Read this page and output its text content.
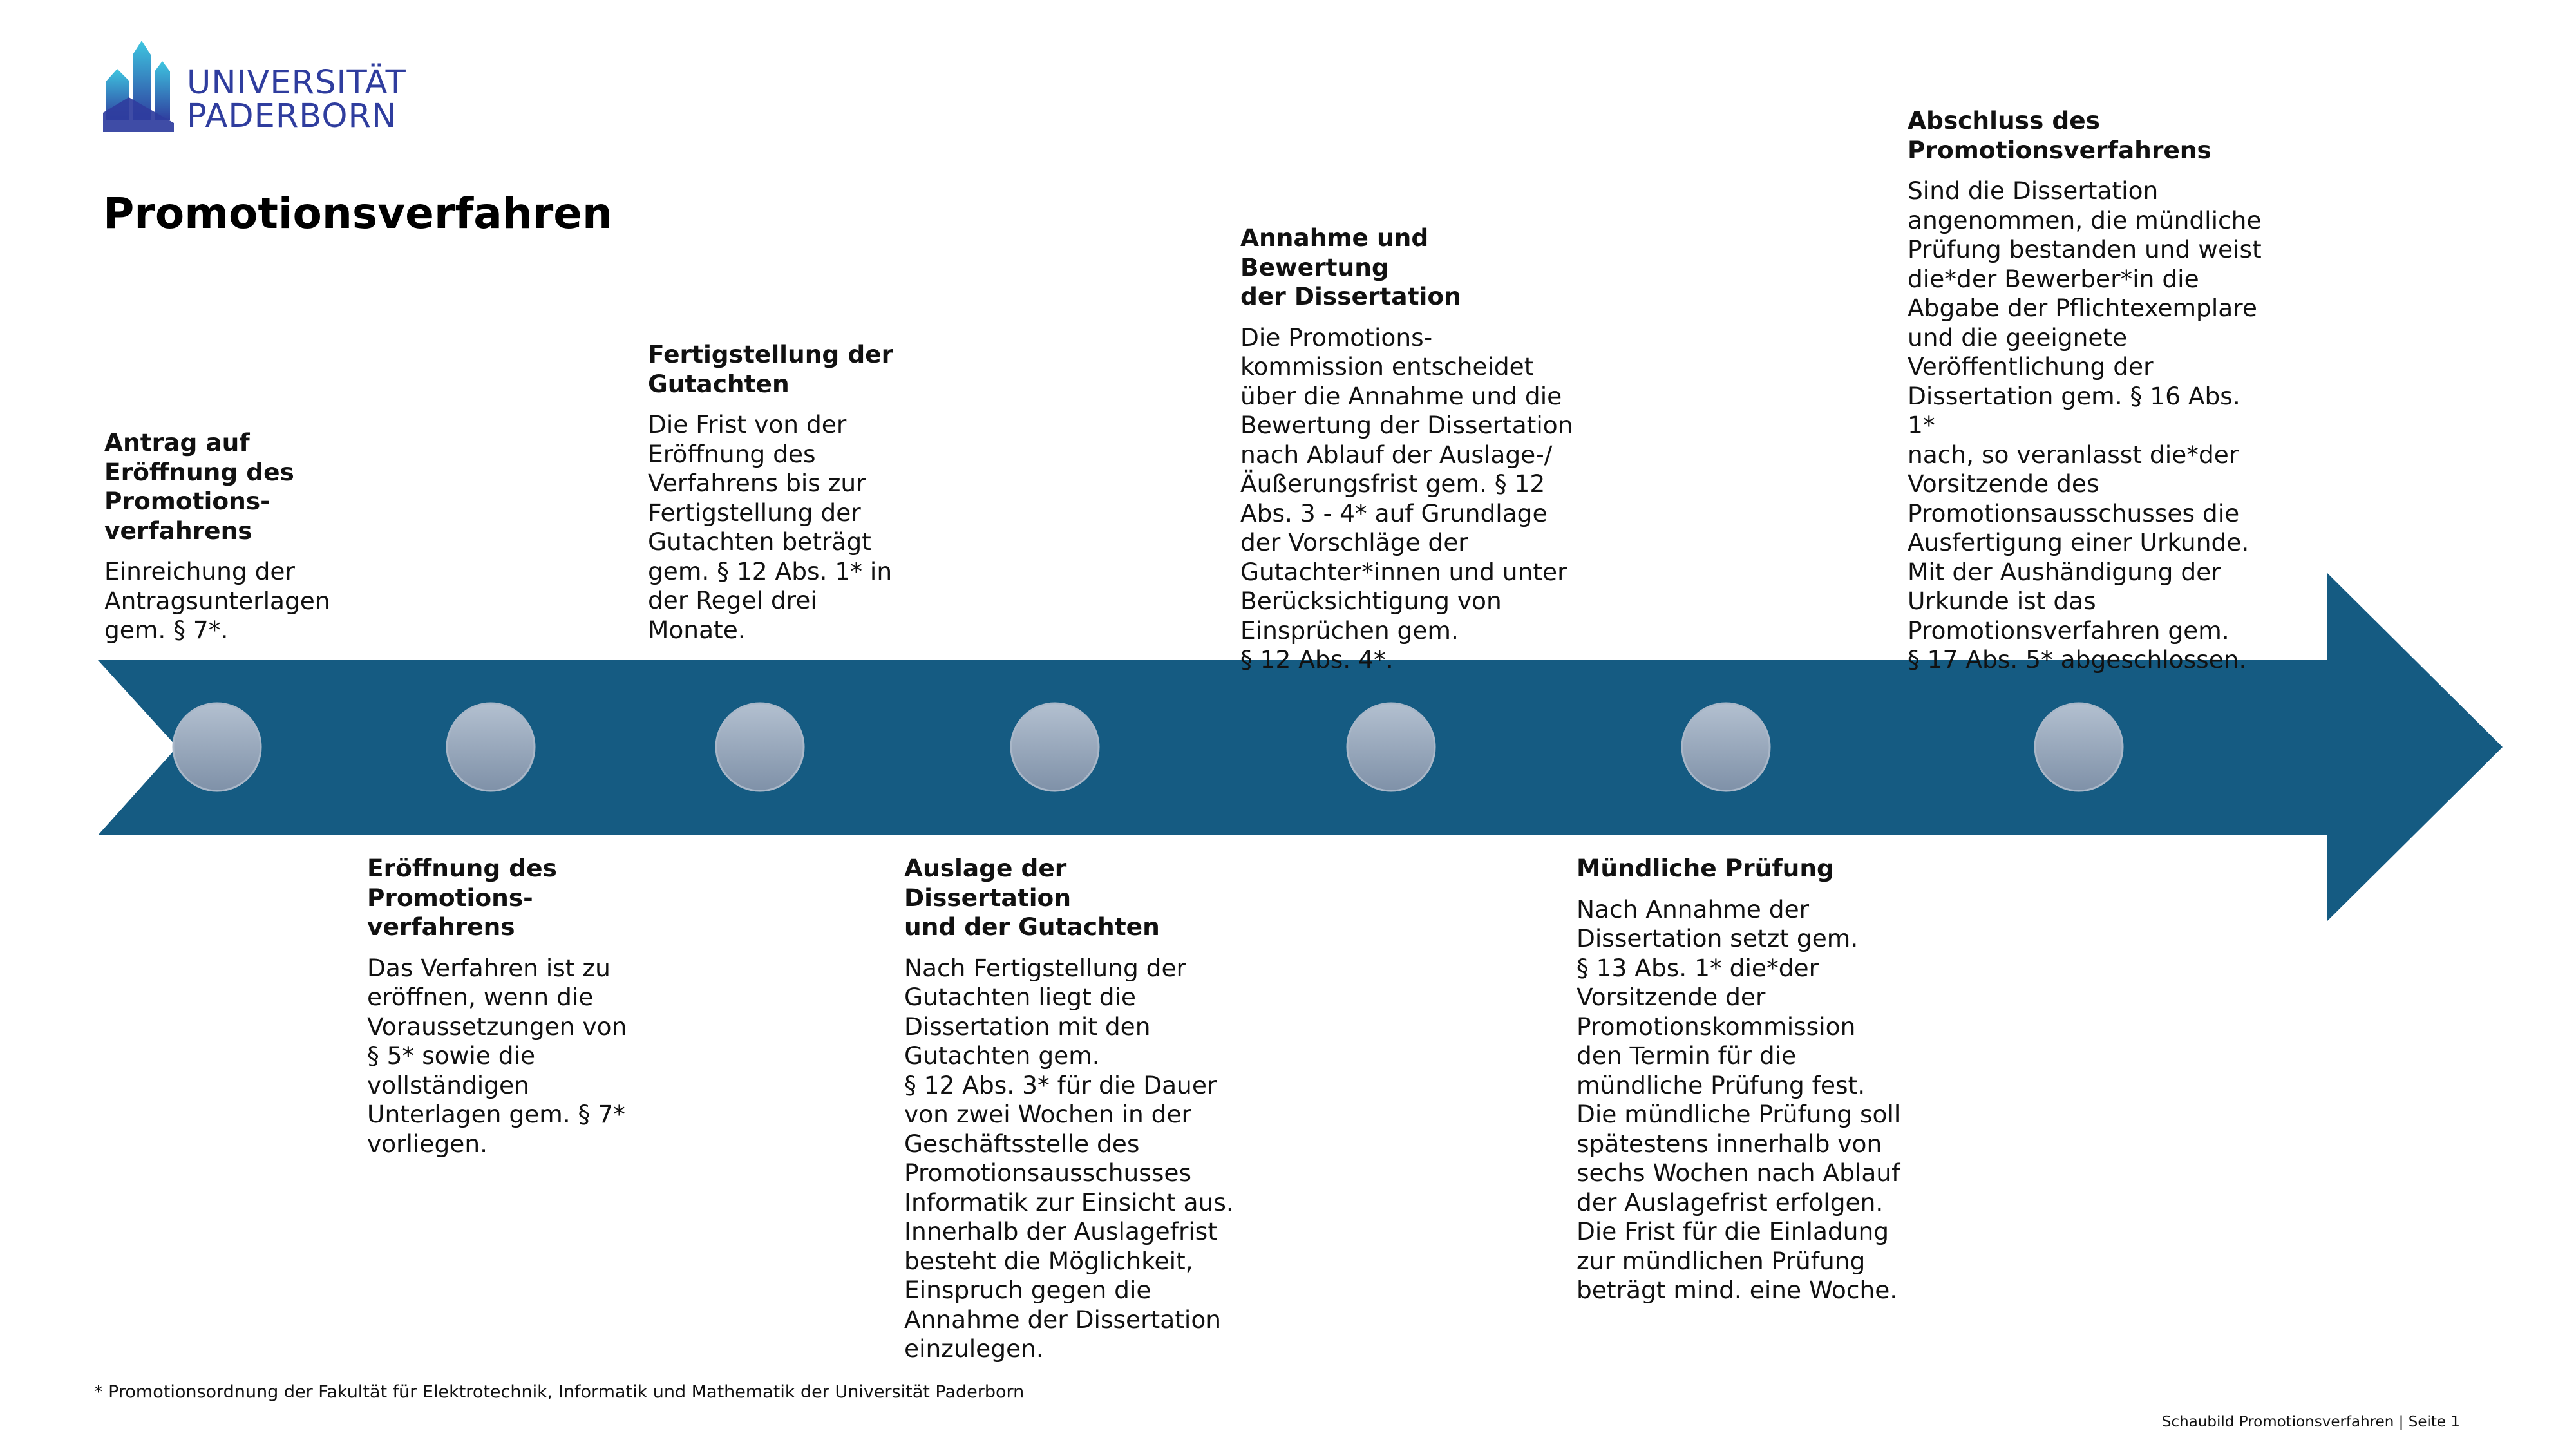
UNIVERSITÄT
PADERBORN
Promotionsverfahren
Antrag auf
Eröffnung des
Promotions-
verfahrens
Einreichung der
Antragsunterlagen
gem. § 7*.
Eröffnung des
Promotions-
verfahrens
Das Verfahren ist zu
eröffnen, wenn die
Voraussetzungen von
§ 5* sowie die
vollständigen
Unterlagen gem. § 7*
vorliegen.
Fertigstellung der
Gutachten
Die Frist von der
Eröffnung des
Verfahrens bis zur
Fertigstellung der
Gutachten beträgt
gem. § 12 Abs. 1* in
der Regel drei
Monate.
Auslage der Dissertation
und der Gutachten
Nach Fertigstellung der
Gutachten liegt die
Dissertation mit den
Gutachten gem.
§ 12 Abs. 3* für die Dauer
von zwei Wochen in der
Geschäftsstelle des
Promotionsausschusses
Informatik zur Einsicht aus.
Innerhalb der Auslagefrist
besteht die Möglichkeit,
Einspruch gegen die
Annahme der Dissertation
einzulegen.
Annahme und Bewertung
der Dissertation
Die Promotions-
kommission entscheidet
über die Annahme und die
Bewertung der Dissertation
nach Ablauf der Auslage-/
Äußerungsfrist gem. § 12
Abs. 3 - 4* auf Grundlage
der Vorschläge der
Gutachter*innen und unter
Berücksichtigung von
Einsprüchen gem.
§ 12 Abs. 4*.
Mündliche Prüfung
Nach Annahme der
Dissertation setzt gem.
§ 13 Abs. 1* die*der
Vorsitzende der
Promotionskommission
den Termin für die
mündliche Prüfung fest.
Die mündliche Prüfung soll
spätestens innerhalb von
sechs Wochen nach Ablauf
der Auslagefrist erfolgen.
Die Frist für die Einladung
zur mündlichen Prüfung
beträgt mind. eine Woche.
Abschluss des
Promotionsverfahrens
Sind die Dissertation
angenommen, die mündliche
Prüfung bestanden und weist
die*der Bewerber*in die
Abgabe der Pflichtexemplare
und die geeignete
Veröffentlichung der
Dissertation gem. § 16 Abs. 1*
nach, so veranlasst die*der
Vorsitzende des
Promotionsausschusses die
Ausfertigung einer Urkunde.
Mit der Aushändigung der
Urkunde ist das
Promotionsverfahren gem.
§ 17 Abs. 5* abgeschlossen.
* Promotionsordnung der Fakultät für Elektrotechnik, Informatik und Mathematik der Universität Paderborn
Schaubild Promotionsverfahren | Seite 1
